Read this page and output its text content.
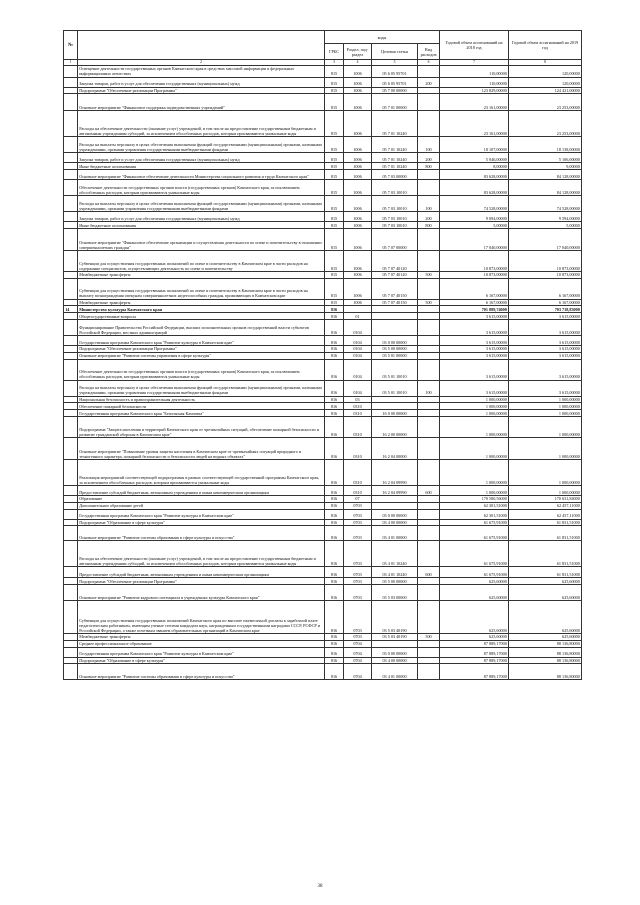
№		коды				Годовой объем ассигнований на 2018 год	Годовой объем ассигнований на 2019 год
		ГРБС	Раздел, под-раздел	Целевая статья	Вид расходов		
1	2	3	4	5	6	7	8
	Освещение деятельности государственных органов Камчатского края в средствах массовой информации и федеральных информационных агентствах	815	1006	05 6 05 95701		110,00000	120,00000
	Закупка товаров, работ и услуг для обеспечения государственных (муниципальных) нужд	815	1006	05 6 05 95701	200	110,00000	120,00000
	Подпрограмма "Обеспечение реализации Программы"	815	1006	05 7 00 00000		123 829,00000	124 421,00000
	Основное мероприятие "Финансовое поддержка подведомственных учреждений"	815	1006	05 7 01 00000		23 161,00000	23 253,00000
	Расходы на обеспечение деятельности (оказание услуг) учреждений, в том числе на предоставление государственным бюджетным и автономным учреждениям субсидий, за исключением обособленных расходов, которым присваиваются уникальные коды	815	1006	05 7 01 10240		23 161,00000	23 253,00000
	Расходы на выплаты персоналу в целях обеспечения выполнения функций государственными (муниципальными) органами, казенными учреждениями, органами управления государственными внебюджетными фондами	815	1006	05 7 01 10240	100	18 107,00000	18 138,00000
	Закупка товаров, работ и услуг для обеспечения государственных (муниципальных) нужд	815	1006	05 7 01 10240	200	5 046,00000	5 106,00000
	Иные бюджетные ассигнования	815	1006	05 7 01 10240	800	8,00000	9,00000
	Основное мероприятие "Финансовое обеспечение деятельности Министерства социального развития и труда Камчатского края"	815	1006	05 7 03 00000		83 628,00000	84 128,00000
	Обеспечение деятельности государственных органов власти (государственных органов) Камчатского края, за исключением обособленных расходов, которым присваиваются уникальные коды	815	1006	05 7 03 10010		83 628,00000	84 128,00000
	Расходы на выплаты персоналу в целях обеспечения выполнения функций государственными (муниципальными) органами, казенными учреждениями, органами управления государственными внебюджетными фондами	815	1006	05 7 03 10010	100	74 528,00000	74 528,00000
	Закупка товаров, работ и услуг для обеспечения государственных (муниципальных) нужд	815	1006	05 7 03 10010	200	9 094,00000	9 594,00000
	Иные бюджетные ассигнования	815	1006	05 7 03 10010	800	5,00000	5,00000
	Основное мероприятие "Финансовое обеспечение организации и осуществления деятельности по опеке и попечительству в отношении совершеннолетних граждан"	815	1006	05 7 07 00000		17 040,00000	17 040,00000
	Субвенции для осуществления государственных полномочий по опеке и попечительству в Камчатском крае в части расходов на содержание специалистов, осуществляющих деятельность по опеке и попечительству	815	1006	05 7 07 40120		10 873,00000	10 873,00000
	Межбюджетные трансферты	815	1006	05 7 07 40120	500	10 873,00000	10 873,00000
	Субвенции для осуществления государственных полномочий по опеке и попечительству в Камчатском крае в части расходов на выплату вознаграждения опекунам совершеннолетних недееспособных граждан, проживающих в Камчатском крае	815	1006	05 7 07 40150		6 167,00000	6 167,00000
	Межбюджетные трансферты	815	1006	05 7 07 40150	500	6 167,00000	6 167,00000
14	Министерство культуры Камчатского края	816				701 889,74000	703 718,83000
	Общегосударственные вопросы	816	01			3 615,00000	3 615,00000
	Функционирование Правительства Российской Федерации, высших исполнительных органов государственной власти субъектов Российской Федерации, местных администраций	816	0104			3 615,00000	3 615,00000
	Государственная программа Камчатского края "Развитие культуры в Камчатском крае"	816	0104	03 0 00 00000		3 615,00000	3 615,00000
	Подпрограмма "Обеспечение реализации Программы"	816	0104	03 5 00 00000		3 615,00000	3 615,00000
	Основное мероприятие "Развитие системы управления в сфере культуры"	816	0104	03 5 01 00000		3 615,00000	3 615,00000
	Обеспечение деятельности государственных органов власти (государственных органов) Камчатского края, за исключением обособленных расходов, которым присваиваются уникальные коды	816	0104	03 5 01 10010		3 615,00000	3 615,00000
	Расходы на выплаты персоналу в целях обеспечения выполнения функций государственными (муниципальными) органами, казенными учреждениями, органами управления государственными внебюджетными фондами	816	0104	03 5 01 10010	100	3 615,00000	3 615,00000
	Национальная безопасность и правоохранительная деятельность	816	03			1 000,00000	1 000,00000
	Обеспечение пожарной безопасности	816	0310			1 000,00000	1 000,00000
	Государственная программа Камчатского края "Безопасная Камчатка"	816	0310	16 0 00 00000		1 000,00000	1 000,00000
	Подпрограмма "Защита населения и территорий Камчатского края от чрезвычайных ситуаций, обеспечение пожарной безопасности и развитие гражданской обороны в Камчатском крае"	816	0310	16 2 00 00000		1 000,00000	1 000,00000
	Основное мероприятие "Повышение уровня защиты населения в Камчатском крае от чрезвычайных ситуаций природного и техногенного характера, пожарной безопасности и безопасности людей на водных объектах"	816	0310	16 2 04 00000		1 000,00000	1 000,00000
	Реализация мероприятий соответствующей подпрограммы в рамках соответствующей государственной программы Камчатского края, за исключением обособленных расходов, которым присваиваются уникальные коды	816	0310	16 2 04 09990		1 000,00000	1 000,00000
	Предоставление субсидий бюджетным, автономным учреждениям и иным некоммерческим организациям	816	0310	16 2 04 09990	600	1 000,00000	1 000,00000
	Образование	816	07			170 580,56000	170 631,84000
	Дополнительное образование детей	816	0703			62 301,51000	62 457,11000
	Государственная программа Камчатского края "Развитие культуры в Камчатском крае"	816	0703	03 0 00 00000		62 301,51000	62 457,11000
	Подпрограмма "Образование в сфере культуры"	816	0703	03 4 00 00000		61 675,91000	61 831,51000
	Основное мероприятие "Развитие системы образования в сфере культуры и искусства"	816	0703	03 4 01 00000		61 675,91000	61 831,51000
	Расходы на обеспечение деятельности (оказание услуг) учреждений, в том числе на предоставление государственным бюджетным и автономным учреждениям субсидий, за исключением обособленных расходов, которым присваиваются уникальные коды	816	0703	03 4 01 10240		61 675,91000	61 831,51000
	Предоставление субсидий бюджетным, автономным учреждениям и иным некоммерческим организациям	816	0703	03 4 01 10240	600	61 675,91000	61 831,51000
	Подпрограмма "Обеспечение реализации Программы"	816	0703	03 5 00 00000		625,60000	625,60000
	Основное мероприятие "Развитие кадрового потенциала в учреждениях культуры Камчатского края"	816	0703	03 5 03 00000		625,60000	625,60000
	Субвенции для осуществления государственных полномочий Камчатского края по выплате ежемесячной доплаты к заработной плате педагогическим работникам, имеющим ученые степени кандидата наук, награжденным государственными наградами СССР, РСФСР и Российской Федерации, а также почетным званием образовательных организаций в Камчатском крае	816	0703	03 5 03 40190		625,60000	625,60000
	Межбюджетные трансферты	816	0703	03 5 03 40190	500	625,60000	625,60000
	Среднее профессиональное образование	816	0704			87 889,17000	88 136,80000
	Государственная программа Камчатского края "Развитие культуры в Камчатском крае"	816	0704	03 0 00 00000		87 889,17000	88 136,80000
	Подпрограмма "Образование в сфере культуры"	816	0704	03 4 00 00000		87 889,17000	88 136,80000
	Основное мероприятие "Развитие системы образования в сфере культуры и искусства"	816	0704	03 4 01 00000		87 889,17000	88 136,80000
38
